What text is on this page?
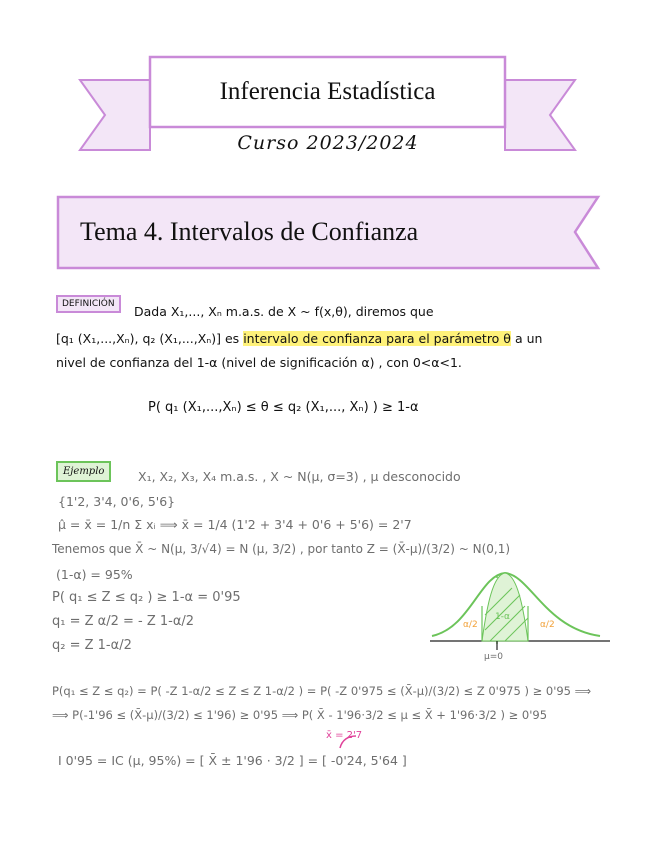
Inferencia Estadística
Curso 2023/2024
Tema 4. Intervalos de Confianza
DEFINICIÓN	Dada X₁,..., Xₙ m.a.s. de X ~ f(x,θ), diremos que
[q₁ (X₁,...,Xₙ), q₂ (X₁,...,Xₙ)] es intervalo de confianza para el parámetro θ a un
nivel de confianza del 1-α (nivel de significación α) , con 0<α<1.
P( q₁ (X₁,...,Xₙ) ≤ θ ≤ q₂ (X₁,..., Xₙ) ) ≥ 1-α
Ejemplo	X₁, X₂, X₃, X₄ m.a.s. , X ~ N(μ, σ=3) , μ desconocido
{1'2, 3'4, 0'6, 5'6}
μ̂ = x̄ = 1/n Σ xᵢ ⟹ x̄ = 1/4 (1'2 + 3'4 + 0'6 + 5'6) = 2'7
Tenemos que X̄ ~ N(μ, 3/√4) = N (μ, 3/2) , por tanto Z = (X̄-μ)/(3/2) ~ N(0,1)
(1-α) = 95%
P( q₁ ≤ Z ≤ q₂ ) ≥ 1-α = 0'95
q₁ = Z α/2 = - Z 1-α/2
q₂ = Z 1-α/2
α/2
1-α
α/2
μ=0
P(q₁ ≤ Z ≤ q₂) = P( -Z 1-α/2 ≤ Z ≤ Z 1-α/2 ) = P( -Z 0'975 ≤ (X̄-μ)/(3/2) ≤ Z 0'975 ) ≥ 0'95 ⟹
⟹ P(-1'96 ≤ (X̄-μ)/(3/2) ≤ 1'96) ≥ 0'95 ⟹ P( X̄ - 1'96·3/2 ≤ μ ≤ X̄ + 1'96·3/2 ) ≥ 0'95
x̄ = 2'7
I 0'95 = IC (μ, 95%) = [ X̄ ± 1'96 · 3/2 ] = [ -0'24, 5'64 ]
